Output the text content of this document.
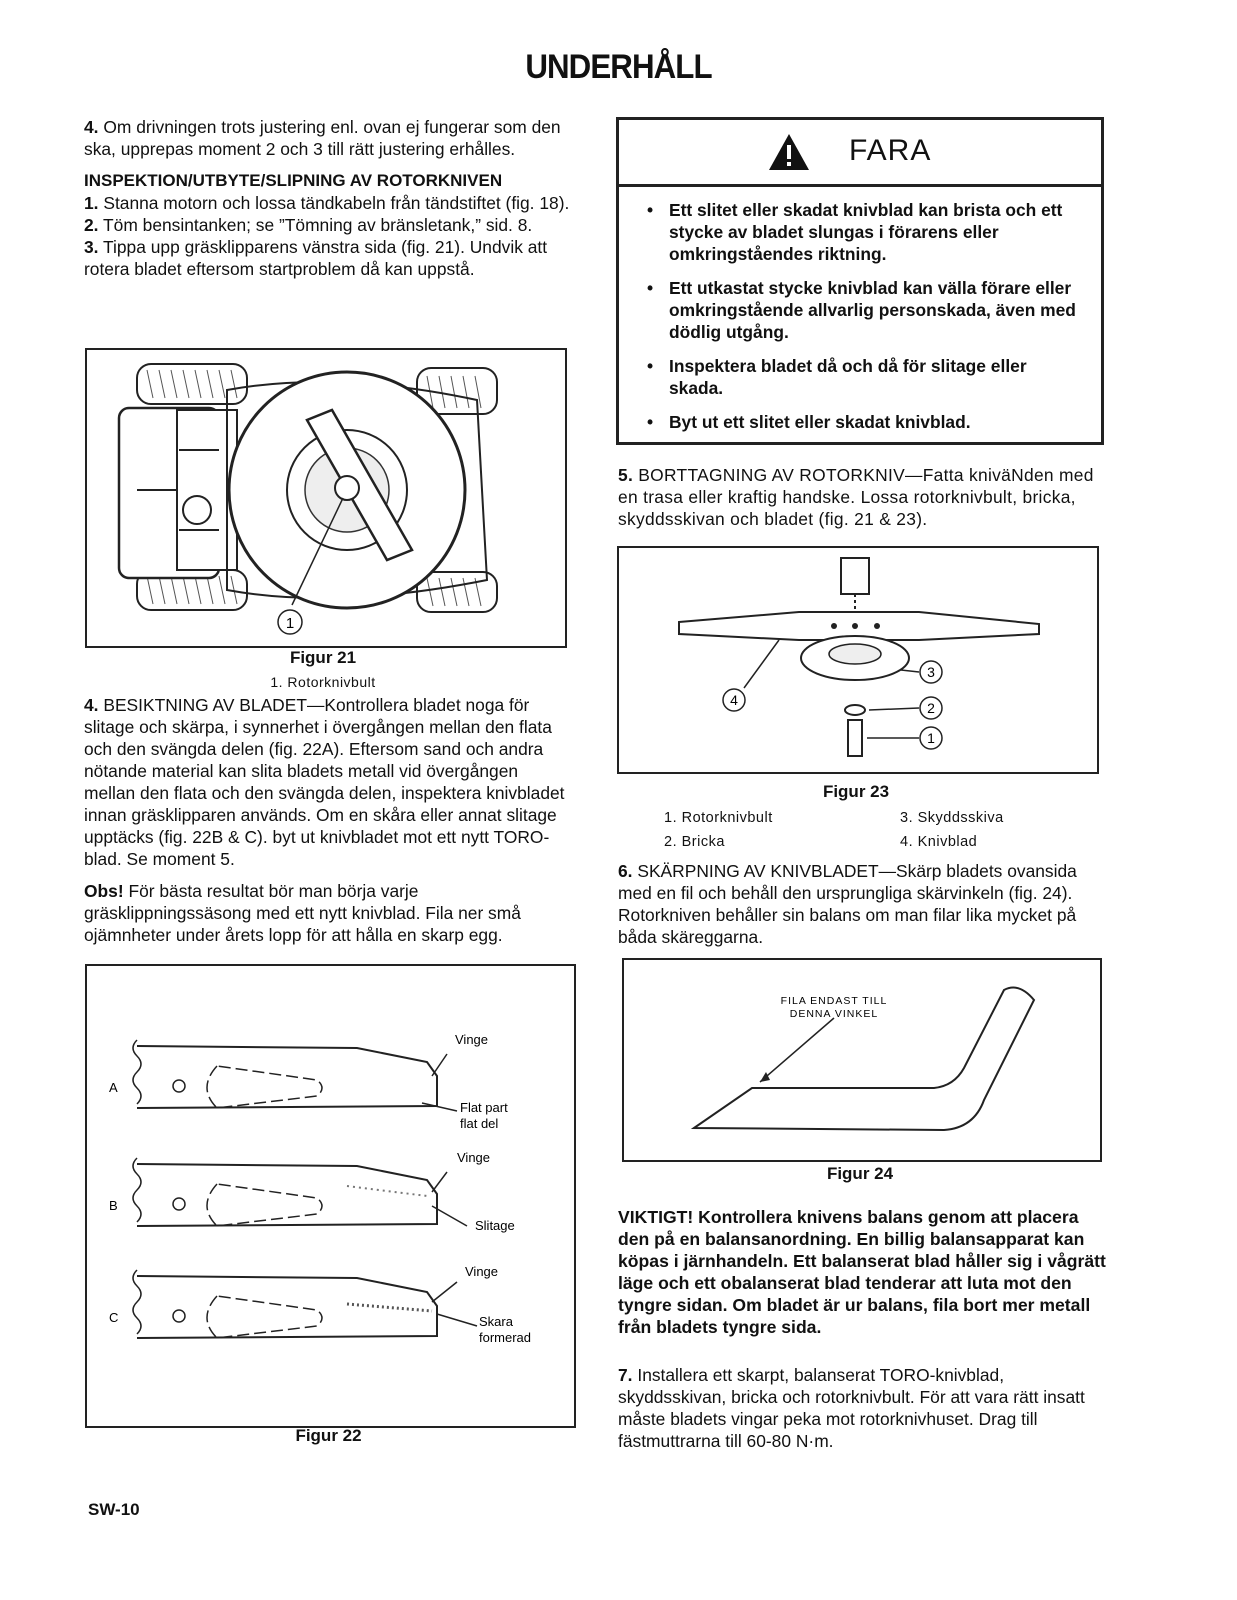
UNDERHÅLL

4. Om drivningen trots justering enl. ovan ej fungerar som den ska, upprepas moment 2 och 3 till rätt justering erhålles.

INSPEKTION/UTBYTE/SLIPNING AV ROTORKNIVEN

1. Stanna motorn och lossa tändkabeln från tändstiftet (fig. 18).

2. Töm bensintanken; se ”Tömning av bränsletank,” sid. 8.

3. Tippa upp gräsklipparens vänstra sida (fig. 21). Undvik att rotera bladet eftersom startproblem då kan uppstå.

1
Figur 21
1. Rotorknivbult

4. BESIKTNING AV BLADET—Kontrollera bladet noga för slitage och skärpa, i synnerhet i övergången mellan den flata och den svängda delen (fig. 22A). Eftersom sand och andra nötande material kan slita bladets metall vid övergången mellan den flata och den svängda delen, inspektera knivbladet innan gräsklipparen används. Om en skåra eller annat slitage upptäcks (fig. 22B & C). byt ut knivbladet mot ett nytt TORO-blad. Se moment 5.

Obs! För bästa resultat bör man börja varje gräsklippningssäsong med ett nytt knivblad. Fila ner små ojämnheter under årets lopp för att hålla en skarp egg.

A
Vinge
Flat part
flat del
B
Vinge
Slitage
C
Vinge
Skara
formerad
Figur 22
FARA
• Ett slitet eller skadat knivblad kan brista och ett stycke av bladet slungas i förarens eller omkringståendes riktning.
• Ett utkastat stycke knivblad kan välla förare eller omkringstående allvarlig personskada, även med dödlig utgång.
• Inspektera bladet då och då för slitage eller skada.
• Byt ut ett slitet eller skadat knivblad.

5. BORTTAGNING AV ROTORKNIV—Fatta kniväNden med en trasa eller kraftig handske. Lossa rotorknivbult, bricka, skyddsskivan och bladet (fig. 21 & 23).

4
3
2
1
Figur 23
1. Rotorknivbult
2. Bricka
3. Skyddsskiva
4. Knivblad

6. SKÄRPNING AV KNIVBLADET—Skärp bladets ovansida med en fil och behåll den ursprungliga skärvinkeln (fig. 24). Rotorkniven behåller sin balans om man filar lika mycket på båda skäreggarna.

FILA ENDAST TILL
DENNA VINKEL
Figur 24

VIKTIGT! Kontrollera knivens balans genom att placera den på en balansanordning. En billig balansapparat kan köpas i järnhandeln. Ett balanserat blad håller sig i vågrätt läge och ett obalanserat blad tenderar att luta mot den tyngre sidan. Om bladet är ur balans, fila bort mer metall från bladets tyngre sida.

7. Installera ett skarpt, balanserat TORO-knivblad, skyddsskivan, bricka och rotorknivbult. För att vara rätt insatt måste bladets vingar peka mot rotorknivhuset. Drag till fästmuttrarna till 60-80 N·m.

SW-10
